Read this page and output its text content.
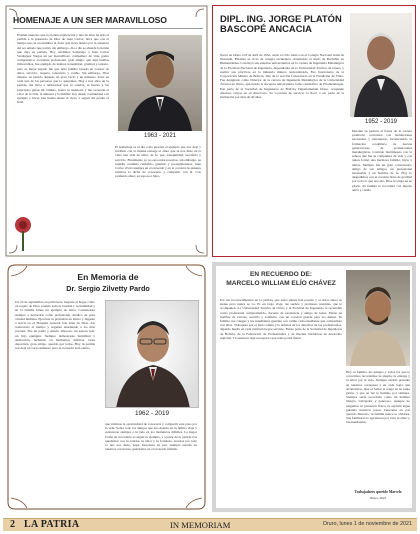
HOMENAJE A UN SER MARAVILLOSO
Existen esencias que no tienen explicación y una de ellas ha sido la partida a la presencia de Dios de Juan Carlos; lleva que con el tiempo uno se acostumbra al dolor que lleva dentro por la ausencia del ser amado que partió, sin embargo, día a día se ahonda la herida que deja su partida. Hoy rendimos homenaje a Juan Carlos Verduguez Vargas un ser maravilloso, compañero de vida, padre comprensivo, excelente profesional, gran amigo, que dejó huellas imborrables, fue ejemplo de lealtad, honestidad, gratitud y respeto, pero es mejor legado fue que unió familia basada en valores de amor, servicio, respeto, tolerancia y cariño. Sin embargo, Dios dispuso su partida dejando un gran vacío y un inmenso dolor en cada una de las personas que lo queremos. Hoy a tres años de tu partida, me lleva a reflexionar que tu sonrisa, tu fuerza y tus principios guían mi camino, honra tu memoria y me recuerda el valor de la vida, la amistad y la familia; hoy dando continuidad a tu ejemplo y hacer una huella desde el cielo, a seguir sin perder el feliz.
1963 - 2021
El homenaje es el día a día guardar el ejemplo que nos dejó y retribuir con la misma entrega el amor que tú nos diste en la vida; una vida de amor, de fe, paz, tranquilidad, sacrificio y servicio. Finalmente yo no esta entre nosotros, sin embargo, su espíritu continúa cuidando, guiando y protegiéndonos. Juan Carlos vivirá siempre en el recuerdo y en el corazón de quienes tuvimos la dicha de conocerlo y compartir con él. Con profundo amor, su esposa e hijos.
DIPL. ING. JORGE PLATÓN BASCOPÉ ANCACIA
Nació en Oruro el 8 de abril de 1952, cursó el ciclo básico en el Colegio Nacional Jesús de Nazareth. Finalizó su ciclo de colegio secundario obteniendo el título de Bachiller en Humanidades. Concluyó sus estudios universitarios en la carrera de Ingeniería Metalúrgica de la Facultad Nacional de Ingeniería, dependiente de la Universidad Técnica de Oruro, y realizó sus prácticas en la industria minera nacionalizada. Fue funcionario de la Corporación Minera de Bolivia, Jefe de la sección Laboratorio en la Fundición de Vinto. Fue designado como Director de la carrera de Ingeniería Metalúrgica de la Universidad Técnica de Oruro, ejerciendo la docencia universitaria como catedrático de Pirometalurgia. Fue parte de la Sociedad de Ingenieros de Bolivia, Departamental Oruro, ocupando diversos cargos en su directorio. Su vocación de servicio lo llevó a ser parte de la institución por más de 40 años.
1952 - 2019
Durante su gestión al frente de la carrera promovió convenios con instituciones nacionales y extranjeras, fortaleciendo la formación académica de nuevas generaciones de profesionales metalurgistas. Contrajo matrimonio con la señora que fue su compañera de vida y con quien formó una hermosa familia, hijos y nietos. Siempre fue un gran conversador, amigo de sus amigos, un profesional incansable y un hombre de fe. Hoy lo despedimos con el corazón lleno de gratitud por todo lo que nos dio. Dios le tenga en su gloria. Tu familia te recordará con mucho amor y cariño.
En Memoria de
Dr. Sergio Zilvetty Pardo
Un 23 de septiembre en primavera, llegaste al hogar como un regalo de Dios, pusiste toda tu bondad y tu humildad y en la familia fuiste un ejemplo de amor. Comenzaste siempre a destacarte como profesional, médico de gran calidad humana. Ejerciste tu profesión en Oruro y llegaste a servir en el Hospital General San Juan de Dios. Así transcurrió el tiempo y seguiste enseñando a los más jóvenes. Fue un padre y abuelo amoroso, un esposo leal, un hijo ejemplar. Siempre demostraste humildad y dedicación, luchando en momentos difíciles. Gran deportista, gran amigo, querido por todos. Hoy tu partida nos deja un vacío inmenso pero tu recuerdo será eterno.
1962 - 2019
que tuvimos la oportunidad de conocerte y compartir este paso por la vida. Sobre todo los amigos que nos dejaste en tu último viaje y estuvieron siempre a tu lado en los momentos difíciles. La mejor forma de recordarte es seguir tu ejemplo, y a pesar de tu partida nos quedamos con tu sonrisa, tu amor y tu fortaleza. Gracias por todo lo que nos diste, papá. Descansa en paz, siempre estarás en nuestros corazones, guardados en el recuerdo infinito.
EN RECUERDO DE:
MARCELO WILLIAM ELÍO CHÁVEZ
Por tus reconocimientos en la partida, que estos meses han pasado y el dolor ahora se siente pero nunca se va. Es un largo viaje, tus sueños y promesas reunidas, que te acompañen. La Universidad Técnica de Oruro y la Facultad de Ingeniería te recuerdan como profesional comprometido, docente de excelencia y amigo de todos. Fuiste un hombre de valores, sencillo y solidario, con un corazón grande para los demás. Tu familia, tus colegas y tus estudiantes guardan con cariño cada enseñanza que compartiste con ellos. Trabajaste por el bien común y la defensa de los derechos de los profesionales, dejando huella en cada institución que serviste. Fuiste parte de la Sociedad de Ingenieros de Bolivia, de la Federación de Profesionales y de muchas iniciativas de desarrollo regional. Tu ausencia deja un espacio que nada podrá llenar.
Hoy tu familia, tus amigos y todos los que te conocimos recordamos tu alegría, tu entrega y tu amor por la vida. Siempre estarás presente en nuestros corazones y en cada logro que alcancemos. Que el Señor te tenga en su santa gloria, y que su luz te ilumine por siempre. Siempre serás recordado como un hombre íntegro, trabajador y generoso. Aunque no tengamos tu presencia física, tu espíritu sigue guiando nuestros pasos. Descansa en paz querido Marcelo, tu familia nunca te olvidará. Tus familiares te agradecen por todo el amor y las enseñanzas.
Trabajadores querido Marcelo
Oruro, 2021
2 LA PATRIA	IN MEMORIAM	Oruro, lunes 1 de noviembre de 2021
